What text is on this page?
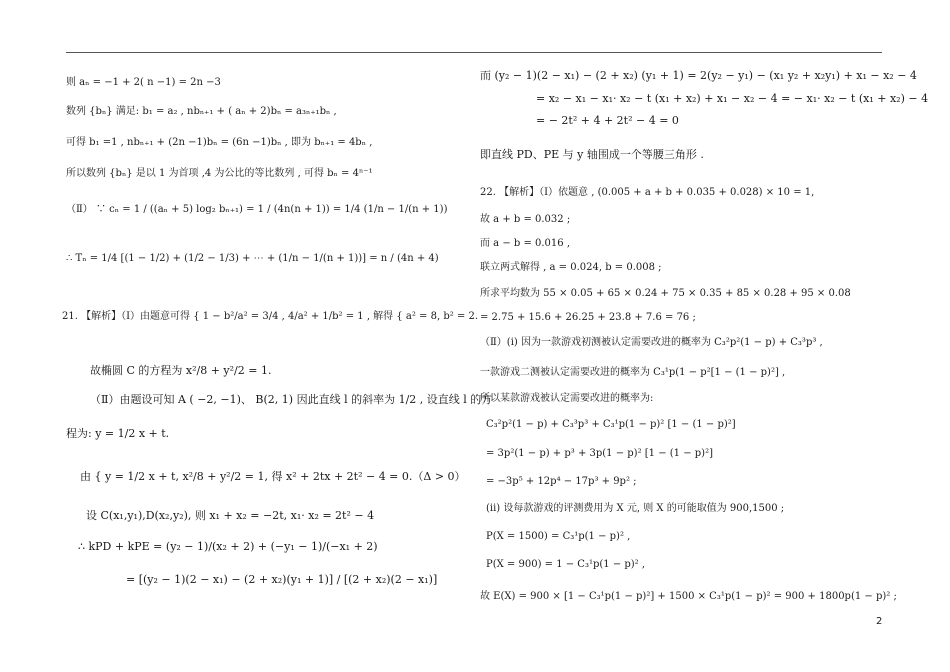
则 aₙ = −1 + 2( n −1) = 2n −3
数列 {bₙ} 满足: b₁ = a₂ , nbₙ₊₁ + ( aₙ + 2)bₙ = a₃ₙ₊₁bₙ ,
可得 b₁ =1 , nbₙ₊₁ + (2n −1)bₙ = (6n −1)bₙ , 即为 bₙ₊₁ = 4bₙ ,
所以数列 {bₙ} 是以 1 为首项 ,4 为公比的等比数列 , 可得 bₙ = 4ⁿ⁻¹
（Ⅱ） ∵ cₙ = 1 / ((aₙ + 5) log₂ bₙ₊₁) = 1 / (4n(n + 1)) = 1/4 (1/n − 1/(n + 1))
∴ Tₙ = 1/4 [(1 − 1/2) + (1/2 − 1/3) + ⋯ + (1/n − 1/(n + 1))] = n / (4n + 4)
21. 【解析】（Ⅰ）由题意可得 { 1 − b²/a² = 3/4 , 4/a² + 1/b² = 1 , 解得 { a² = 8, b² = 2.
故椭圆 C 的方程为 x²/8 + y²/2 = 1.
（Ⅱ）由题设可知 A ( −2, −1)、 B(2, 1) 因此直线 l 的斜率为 1/2 , 设直线 l 的方
程为: y = 1/2 x + t.
由 { y = 1/2 x + t, x²/8 + y²/2 = 1, 得 x² + 2tx + 2t² − 4 = 0.（Δ > 0）
设 C(x₁,y₁),D(x₂,y₂), 则 x₁ + x₂ = −2t, x₁· x₂ = 2t² − 4
∴ kPD + kPE = (y₂ − 1)/(x₂ + 2) + (−y₁ − 1)/(−x₁ + 2)
= [(y₂ − 1)(2 − x₁) − (2 + x₂)(y₁ + 1)] / [(2 + x₂)(2 − x₁)]
而 (y₂ − 1)(2 − x₁) − (2 + x₂) (y₁ + 1) = 2(y₂ − y₁) − (x₁ y₂ + x₂y₁) + x₁ − x₂ − 4
= x₂ − x₁ − x₁· x₂ − t (x₁ + x₂) + x₁ − x₂ − 4 = − x₁· x₂ − t (x₁ + x₂) − 4
= − 2t² + 4 + 2t² − 4 = 0
即直线 PD、PE 与 y 轴围成一个等腰三角形 .
22. 【解析】（Ⅰ）依题意 , (0.005 + a + b + 0.035 + 0.028) × 10 = 1,
故 a + b = 0.032 ;
而 a − b = 0.016 ,
联立两式解得 , a = 0.024, b = 0.008 ;
所求平均数为 55 × 0.05 + 65 × 0.24 + 75 × 0.35 + 85 × 0.28 + 95 × 0.08
= 2.75 + 15.6 + 26.25 + 23.8 + 7.6 = 76 ;
（Ⅱ）(ⅰ) 因为一款游戏初测被认定需要改进的概率为 C₃²p²(1 − p) + C₃³p³ ,
一款游戏二测被认定需要改进的概率为 C₃¹p(1 − p²[1 − (1 − p)²] ,
所以某款游戏被认定需要改进的概率为:
C₃²p²(1 − p) + C₃³p³ + C₃¹p(1 − p)² [1 − (1 − p)²]
= 3p²(1 − p) + p³ + 3p(1 − p)² [1 − (1 − p)²]
= −3p⁵ + 12p⁴ − 17p³ + 9p² ;
(ⅱ) 设每款游戏的评测费用为 X 元, 则 X 的可能取值为 900,1500 ;
P(X = 1500) = C₃¹p(1 − p)² ,
P(X = 900) = 1 − C₃¹p(1 − p)² ,
故 E(X) = 900 × [1 − C₃¹p(1 − p)²] + 1500 × C₃¹p(1 − p)² = 900 + 1800p(1 − p)² ;
2
